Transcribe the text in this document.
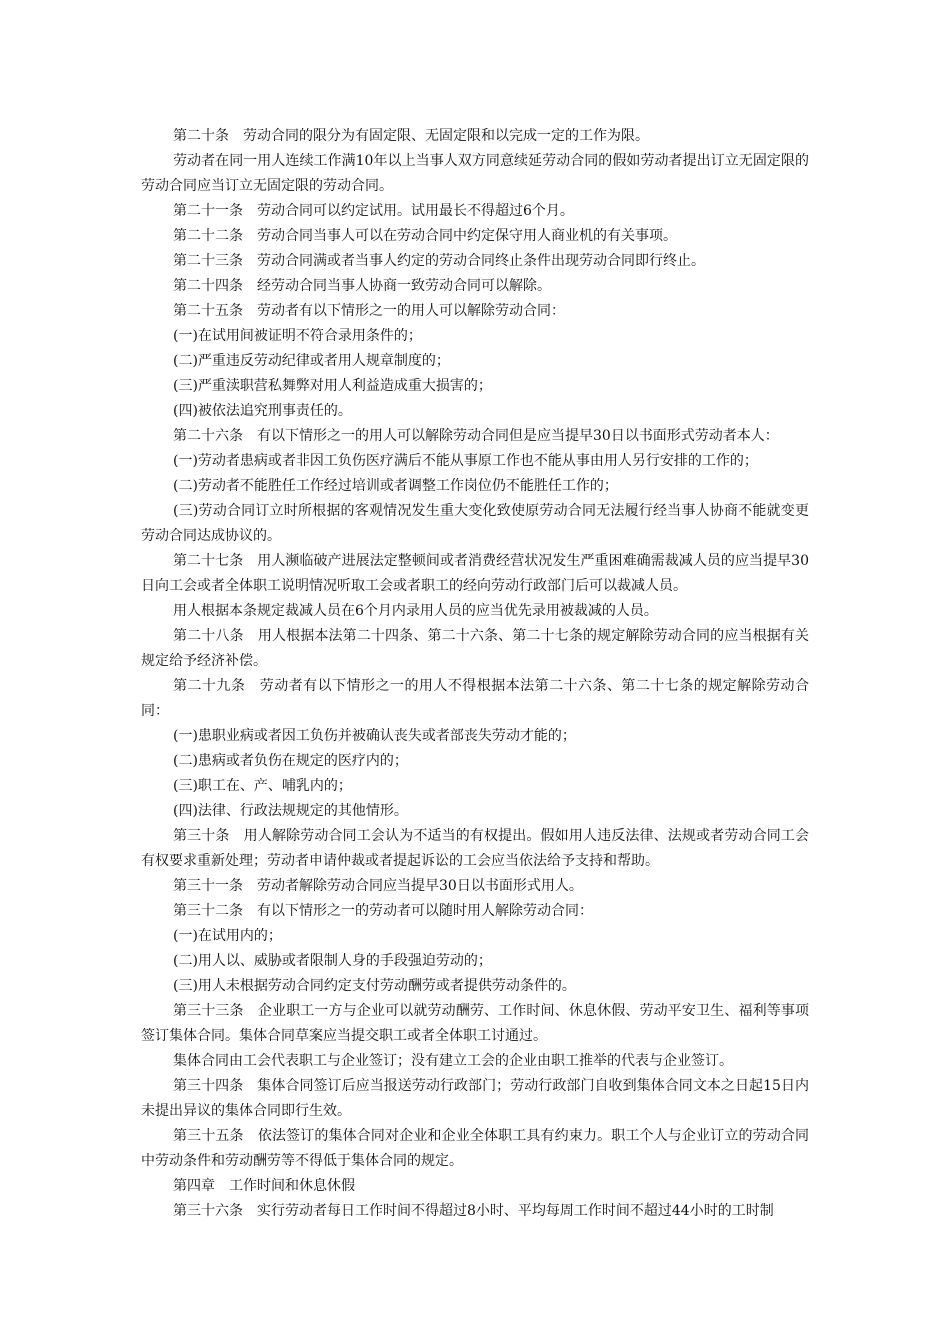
第二十条　劳动合同的限分为有固定限、无固定限和以完成一定的工作为限。

劳动者在同一用人连续工作满10年以上当事人双方同意续延劳动合同的假如劳动者提出订立无固定限的劳动合同应当订立无固定限的劳动合同。

第二十一条　劳动合同可以约定试用。试用最长不得超过6个月。

第二十二条　劳动合同当事人可以在劳动合同中约定保守用人商业机的有关事项。

第二十三条　劳动合同满或者当事人约定的劳动合同终止条件出现劳动合同即行终止。

第二十四条　经劳动合同当事人协商一致劳动合同可以解除。

第二十五条　劳动者有以下情形之一的用人可以解除劳动合同：

(一)在试用间被证明不符合录用条件的；

(二)严重违反劳动纪律或者用人规章制度的；

(三)严重渎职营私舞弊对用人利益造成重大损害的；

(四)被依法追究刑事责任的。

第二十六条　有以下情形之一的用人可以解除劳动合同但是应当提早30日以书面形式劳动者本人：

(一)劳动者患病或者非因工负伤医疗满后不能从事原工作也不能从事由用人另行安排的工作的；

(二)劳动者不能胜任工作经过培训或者调整工作岗位仍不能胜任工作的；

(三)劳动合同订立时所根据的客观情况发生重大变化致使原劳动合同无法履行经当事人协商不能就变更劳动合同达成协议的。

第二十七条　用人濒临破产进展法定整顿间或者消费经营状况发生严重困难确需裁减人员的应当提早30日向工会或者全体职工说明情况听取工会或者职工的经向劳动行政部门后可以裁减人员。

用人根据本条规定裁减人员在6个月内录用人员的应当优先录用被裁减的人员。

第二十八条　用人根据本法第二十四条、第二十六条、第二十七条的规定解除劳动合同的应当根据有关规定给予经济补偿。

第二十九条　劳动者有以下情形之一的用人不得根据本法第二十六条、第二十七条的规定解除劳动合同：

(一)患职业病或者因工负伤并被确认丧失或者部丧失劳动才能的；

(二)患病或者负伤在规定的医疗内的；

(三)职工在、产、哺乳内的；

(四)法律、行政法规规定的其他情形。

第三十条　用人解除劳动合同工会认为不适当的有权提出。假如用人违反法律、法规或者劳动合同工会有权要求重新处理；劳动者申请仲裁或者提起诉讼的工会应当依法给予支持和帮助。

第三十一条　劳动者解除劳动合同应当提早30日以书面形式用人。

第三十二条　有以下情形之一的劳动者可以随时用人解除劳动合同：

(一)在试用内的；

(二)用人以、威胁或者限制人身的手段强迫劳动的；

(三)用人未根据劳动合同约定支付劳动酬劳或者提供劳动条件的。

第三十三条　企业职工一方与企业可以就劳动酬劳、工作时间、休息休假、劳动平安卫生、福利等事项签订集体合同。集体合同草案应当提交职工或者全体职工讨通过。

集体合同由工会代表职工与企业签订；没有建立工会的企业由职工推举的代表与企业签订。

第三十四条　集体合同签订后应当报送劳动行政部门；劳动行政部门自收到集体合同文本之日起15日内未提出异议的集体合同即行生效。

第三十五条　依法签订的集体合同对企业和企业全体职工具有约束力。职工个人与企业订立的劳动合同中劳动条件和劳动酬劳等不得低于集体合同的规定。

第四章　工作时间和休息休假

第三十六条　实行劳动者每日工作时间不得超过8小时、平均每周工作时间不超过44小时的工时制
